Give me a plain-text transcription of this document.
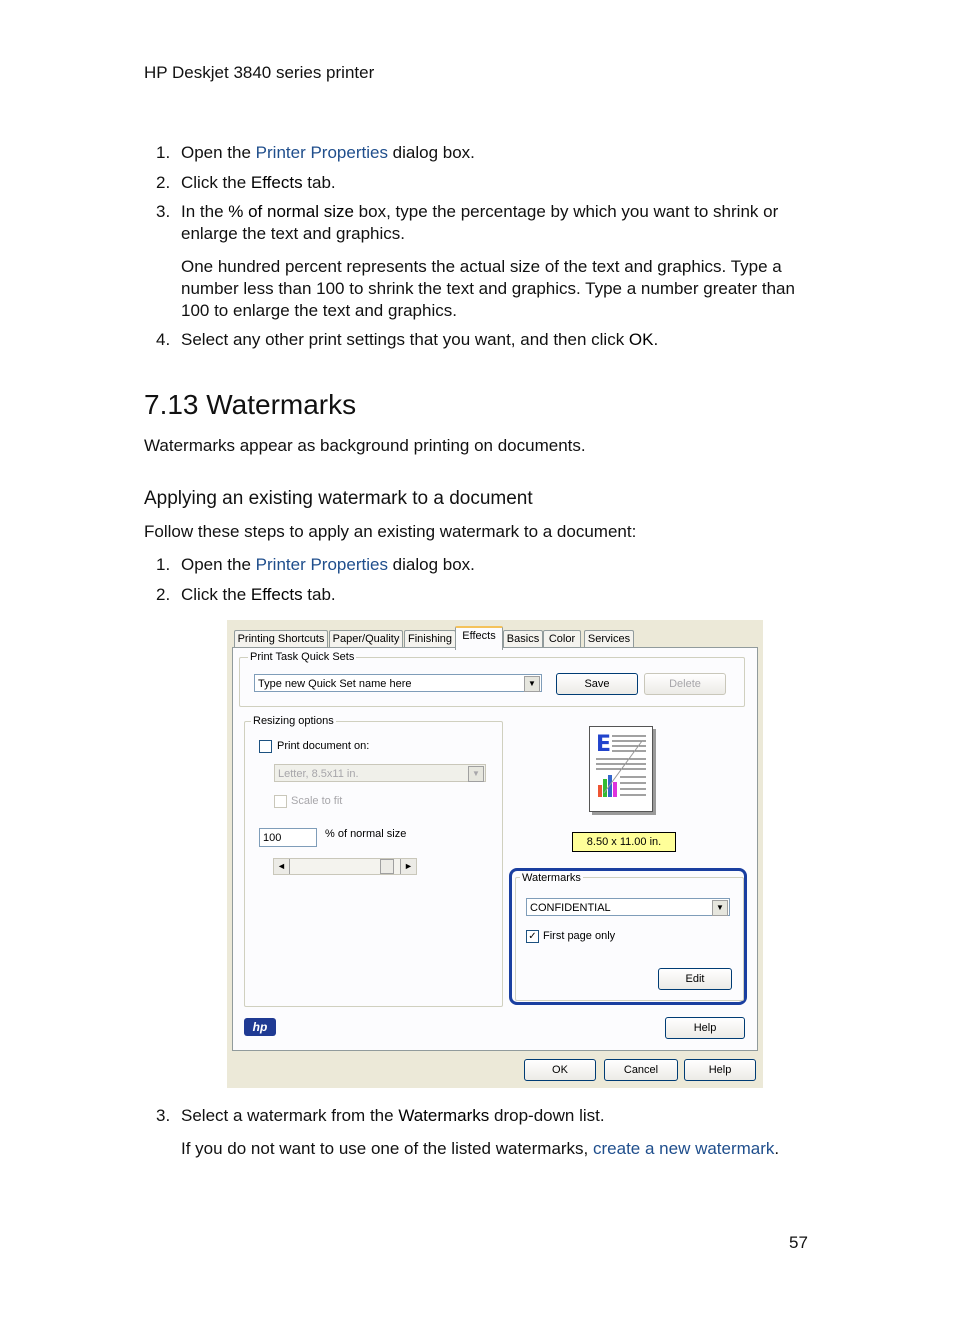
HP Deskjet 3840 series printer
1. Open the Printer Properties dialog box.
2. Click the Effects tab.
3. In the % of normal size box, type the percentage by which you want to shrink or enlarge the text and graphics.
One hundred percent represents the actual size of the text and graphics. Type a number less than 100 to shrink the text and graphics. Type a number greater than 100 to enlarge the text and graphics.
4. Select any other print settings that you want, and then click OK.
7.13 Watermarks
Watermarks appear as background printing on documents.
Applying an existing watermark to a document
Follow these steps to apply an existing watermark to a document:
1. Open the Printer Properties dialog box.
2. Click the Effects tab.
Printing Shortcuts Paper/Quality Finishing Effects	Basics Color	Services
Print Task Quick Sets
Type new Quick Set name here	▼	Save	Delete
Resizing options
Print document on:
Letter, 8.5x11 in.	▼
Scale to fit
100	% of normal size
◄	►
E
8.50 x 11.00 in.
Watermarks
CONFIDENTIAL	▼
✓ First page only
Edit
hp	Help
OK	Cancel	Help
3. Select a watermark from the Watermarks drop-down list.
If you do not want to use one of the listed watermarks, create a new watermark.
57
